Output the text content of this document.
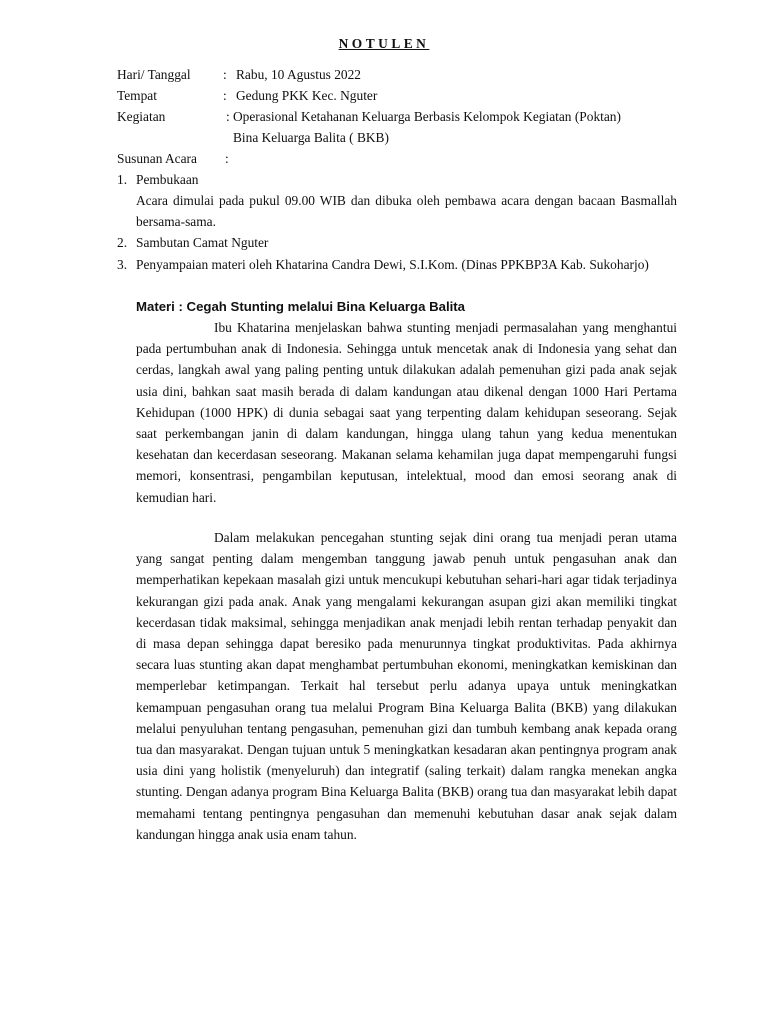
NOTULEN
Hari/ Tanggal : Rabu, 10 Agustus 2022
Tempat	: Gedung PKK Kec. Nguter
Kegiatan	: Operasional Ketahanan Keluarga Berbasis Kelompok Kegiatan (Poktan)
Bina Keluarga Balita ( BKB)
Susunan Acara :
1. Pembukaan
Acara dimulai pada pukul 09.00 WIB dan dibuka oleh pembawa acara dengan bacaan Basmallah bersama-sama.
2. Sambutan Camat Nguter
3. Penyampaian materi oleh Khatarina Candra Dewi, S.I.Kom. (Dinas PPKBP3A Kab. Sukoharjo)
Materi : Cegah Stunting melalui Bina Keluarga Balita
Ibu Khatarina menjelaskan bahwa stunting menjadi permasalahan yang menghantui pada pertumbuhan anak di Indonesia. Sehingga untuk mencetak anak di Indonesia yang sehat dan cerdas, langkah awal yang paling penting untuk dilakukan adalah pemenuhan gizi pada anak sejak usia dini, bahkan saat masih berada di dalam kandungan atau dikenal dengan 1000 Hari Pertama Kehidupan (1000 HPK) di dunia sebagai saat yang terpenting dalam kehidupan seseorang. Sejak saat perkembangan janin di dalam kandungan, hingga ulang tahun yang kedua menentukan kesehatan dan kecerdasan seseorang. Makanan selama kehamilan juga dapat mempengaruhi fungsi memori, konsentrasi, pengambilan keputusan, intelektual, mood dan emosi seorang anak di kemudian hari.
Dalam melakukan pencegahan stunting sejak dini orang tua menjadi peran utama yang sangat penting dalam mengemban tanggung jawab penuh untuk pengasuhan anak dan memperhatikan kepekaan masalah gizi untuk mencukupi kebutuhan sehari-hari agar tidak terjadinya kekurangan gizi pada anak. Anak yang mengalami kekurangan asupan gizi akan memiliki tingkat kecerdasan tidak maksimal, sehingga menjadikan anak menjadi lebih rentan terhadap penyakit dan di masa depan sehingga dapat beresiko pada menurunnya tingkat produktivitas. Pada akhirnya secara luas stunting akan dapat menghambat pertumbuhan ekonomi, meningkatkan kemiskinan dan memperlebar ketimpangan. Terkait hal tersebut perlu adanya upaya untuk meningkatkan kemampuan pengasuhan orang tua melalui Program Bina Keluarga Balita (BKB) yang dilakukan melalui penyuluhan tentang pengasuhan, pemenuhan gizi dan tumbuh kembang anak kepada orang tua dan masyarakat. Dengan tujuan untuk 5 meningkatkan kesadaran akan pentingnya program anak usia dini yang holistik (menyeluruh) dan integratif (saling terkait) dalam rangka menekan angka stunting. Dengan adanya program Bina Keluarga Balita (BKB) orang tua dan masyarakat lebih dapat memahami tentang pentingnya pengasuhan dan memenuhi kebutuhan dasar anak sejak dalam kandungan hingga anak usia enam tahun.
